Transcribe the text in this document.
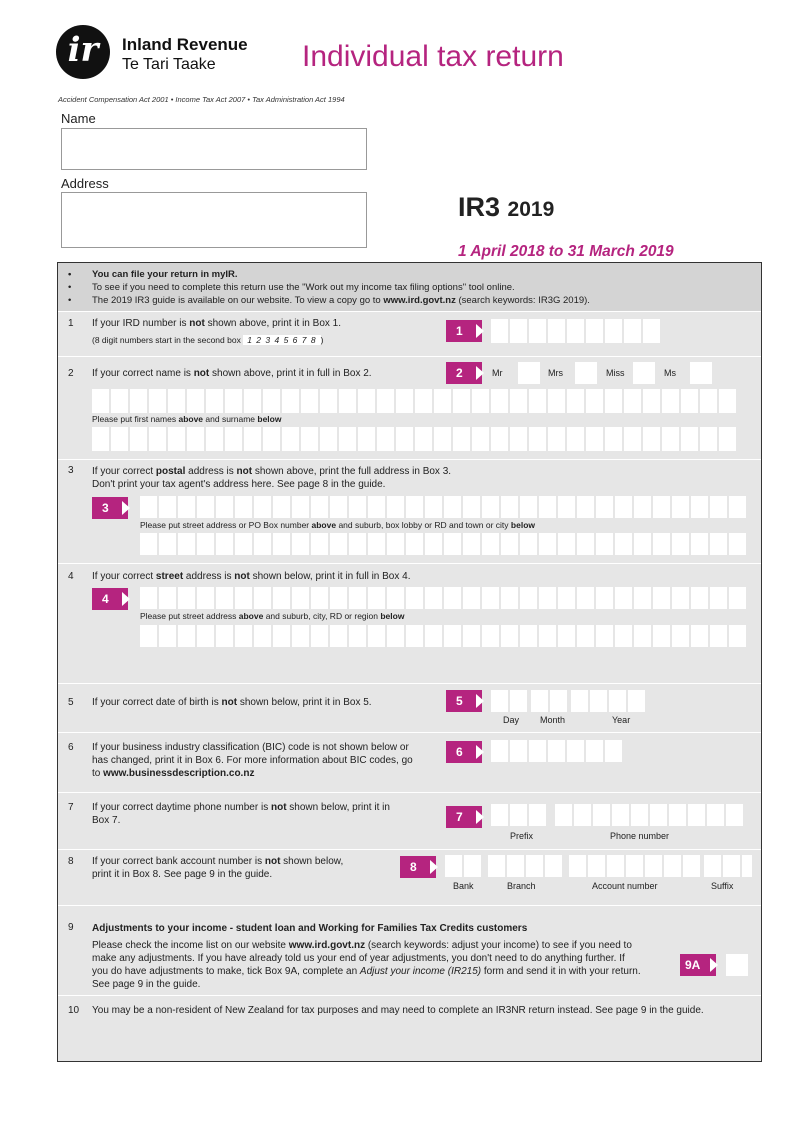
ir	Inland Revenue
Te Tari Taake	Individual tax return
Accident Compensation Act 2001 • Income Tax Act 2007 • Tax Administration Act 1994
Name
Address
IR3 2019
1 April 2018 to 31 March 2019
• You can file your return in myIR.
• To see if you need to complete this return use the "Work out my income tax filing options" tool online.
• The 2019 IR3 guide is available on our website. To view a copy go to www.ird.govt.nz (search keywords: IR3G 2019).
1 If your IRD number is not shown above, print it in Box 1.
(8 digit numbers start in the second box 1 2 3 4 5 6 7 8 )
1
2 If your correct name is not shown above, print it in full in Box 2.	2	Mr	Mrs	Miss	Ms
Please put first names above and surname below
3 If your correct postal address is not shown above, print the full address in Box 3.
Don't print your tax agent's address here. See page 8 in the guide.
3
Please put street address or PO Box number above and suburb, box lobby or RD and town or city below
4 If your correct street address is not shown below, print it in full in Box 4.
4
Please put street address above and suburb, city, RD or region below
5 If your correct date of birth is not shown below, print it in Box 5.	5
Day Month	Year
6 If your business industry classification (BIC) code is not shown below or
has changed, print it in Box 6. For more information about BIC codes, go
to www.businessdescription.co.nz
6
7 If your correct daytime phone number is not shown below, print it in
Box 7.	7
Prefix	Phone number
8 If your correct bank account number is not shown below,
print it in Box 8. See page 9 in the guide.
8
Bank	Branch	Account number	Suffix
9 Adjustments to your income - student loan and Working for Families Tax Credits customers
Please check the income list on our website www.ird.govt.nz (search keywords: adjust your income) to see if you need to
make any adjustments. If you have already told us your end of year adjustments, you don't need to do anything further. If
you do have adjustments to make, tick Box 9A, complete an Adjust your income (IR215) form and send it in with your return.
See page 9 in the guide.
9A
10 You may be a non-resident of New Zealand for tax purposes and may need to complete an IR3NR return instead. See page 9 in the guide.
